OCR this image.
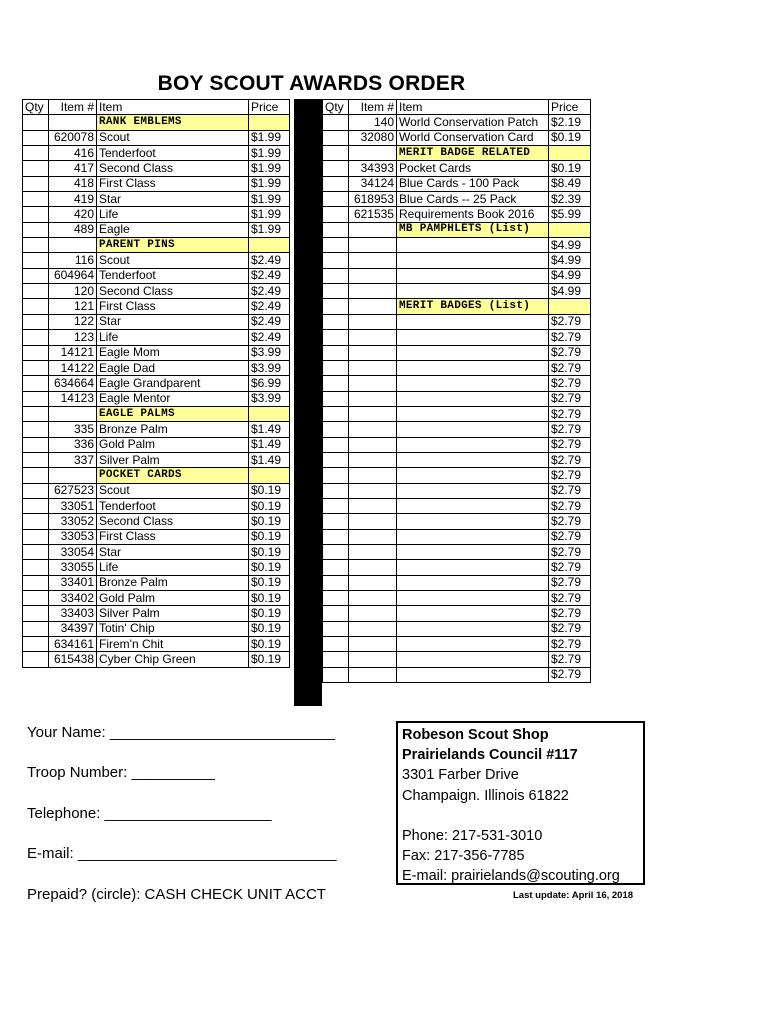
BOY SCOUT AWARDS ORDER
Qty	Item #	Item	Price
		RANK EMBLEMS	
	620078	Scout	$1.99
	416	Tenderfoot	$1.99
	417	Second Class	$1.99
	418	First Class	$1.99
	419	Star	$1.99
	420	Life	$1.99
	489	Eagle	$1.99
		PARENT PINS	
	116	Scout	$2.49
	604964	Tenderfoot	$2.49
	120	Second Class	$2.49
	121	First Class	$2.49
	122	Star	$2.49
	123	Life	$2.49
	14121	Eagle Mom	$3.99
	14122	Eagle Dad	$3.99
	634664	Eagle Grandparent	$6.99
	14123	Eagle Mentor	$3.99
		EAGLE PALMS	
	335	Bronze Palm	$1.49
	336	Gold Palm	$1.49
	337	Silver Palm	$1.49
		POCKET CARDS	
	627523	Scout	$0.19
	33051	Tenderfoot	$0.19
	33052	Second Class	$0.19
	33053	First Class	$0.19
	33054	Star	$0.19
	33055	Life	$0.19
	33401	Bronze Palm	$0.19
	33402	Gold Palm	$0.19
	33403	Silver Palm	$0.19
	34397	Totin' Chip	$0.19
	634161	Firem'n Chit	$0.19
	615438	Cyber Chip Green	$0.19
Qty	Item #	Item	Price
	140	World Conservation Patch	$2.19
	32080	World Conservation Card	$0.19
		MERIT BADGE RELATED	
	34393	Pocket Cards	$0.19
	34124	Blue Cards - 100 Pack	$8.49
	618953	Blue Cards -- 25 Pack	$2.39
	621535	Requirements Book 2016	$5.99
		MB PAMPHLETS (List)	
			$4.99
			$4.99
			$4.99
			$4.99
		MERIT BADGES (List)	
			$2.79
			$2.79
			$2.79
			$2.79
			$2.79
			$2.79
			$2.79
			$2.79
			$2.79
			$2.79
			$2.79
			$2.79
			$2.79
			$2.79
			$2.79
			$2.79
			$2.79
			$2.79
			$2.79
			$2.79
			$2.79
			$2.79
			$2.79
			$2.79
Your Name: ___________________________
Troop Number: __________
Telephone: ____________________
E-mail: _______________________________
Prepaid? (circle): CASH CHECK UNIT ACCT
Robeson Scout Shop
Prairielands Council #117
3301 Farber Drive
Champaign. Illinois 61822
Phone: 217-531-3010
Fax: 217-356-7785
E-mail: prairielands@scouting.org
Last update: April 16, 2018
